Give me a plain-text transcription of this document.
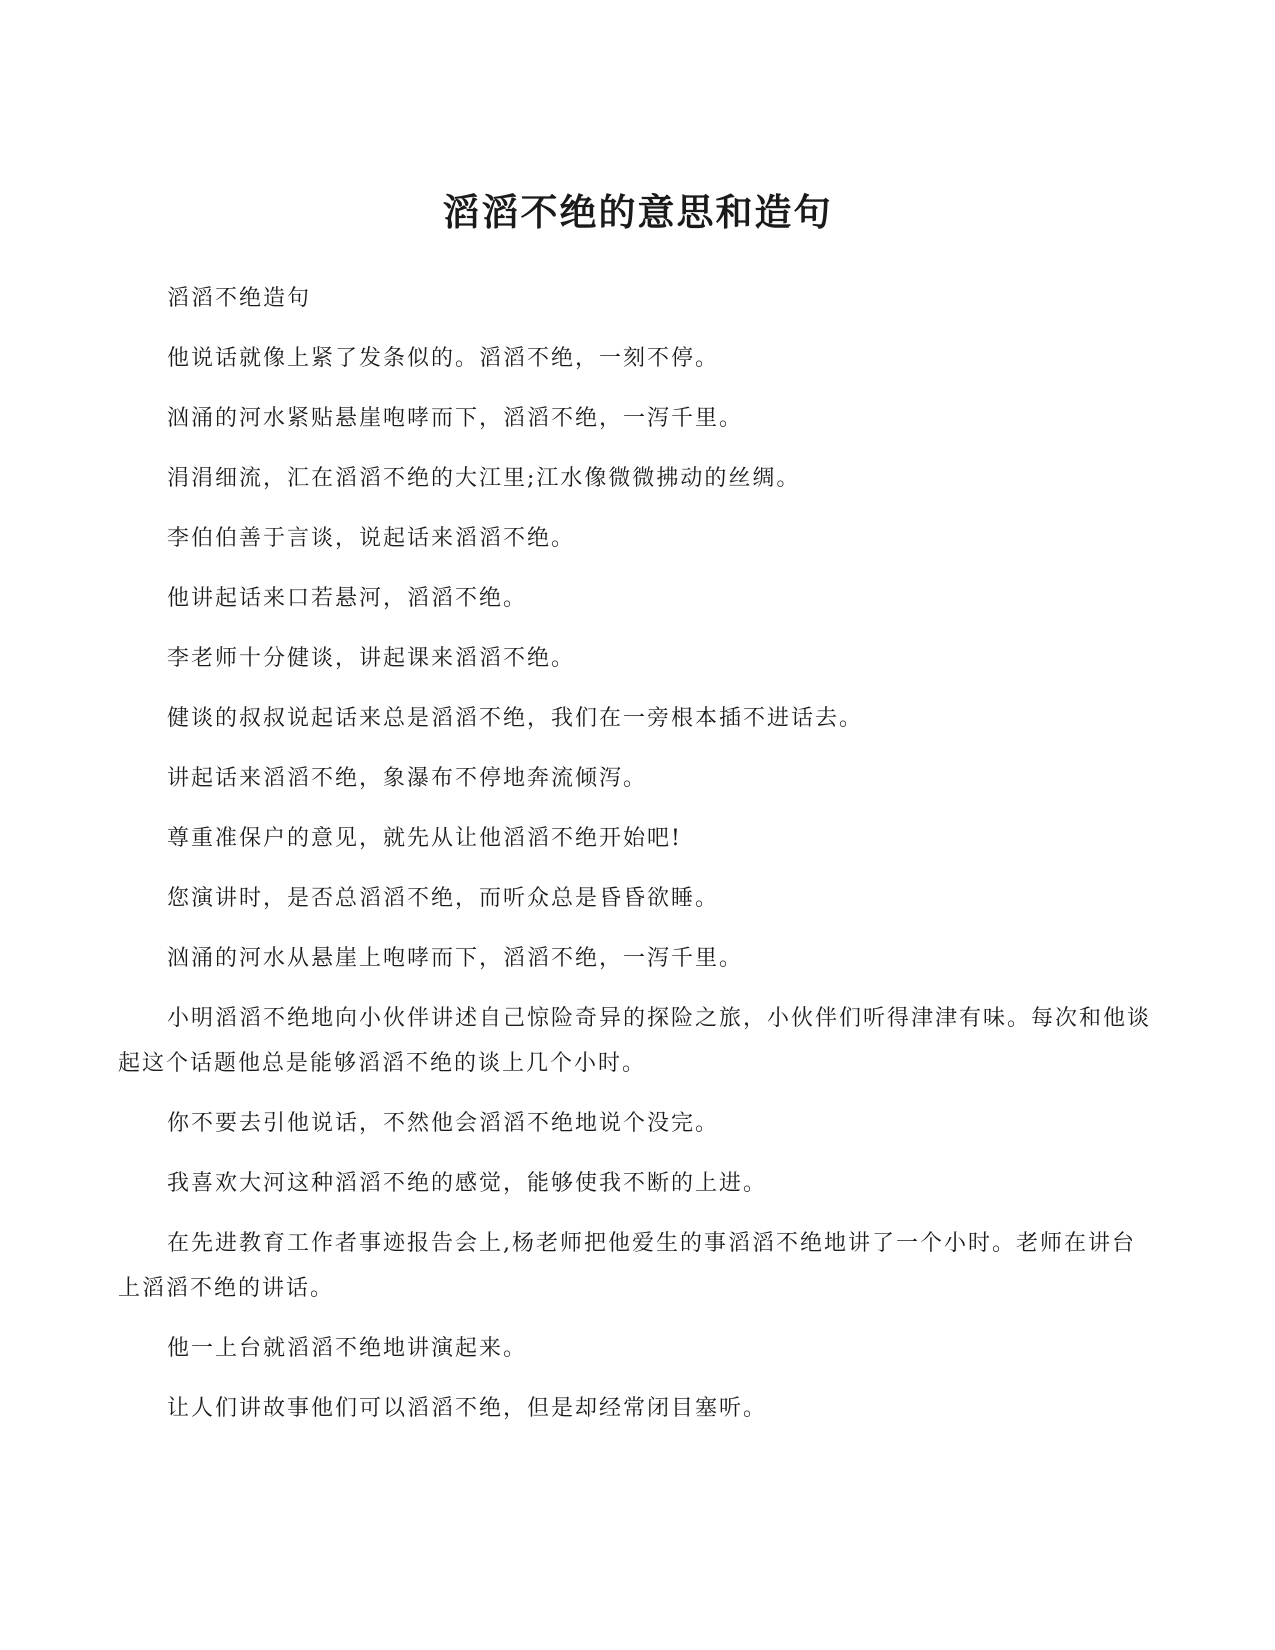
滔滔不绝的意思和造句

滔滔不绝造句

他说话就像上紧了发条似的。滔滔不绝，一刻不停。

汹涌的河水紧贴悬崖咆哮而下，滔滔不绝，一泻千里。

涓涓细流，汇在滔滔不绝的大江里;江水像微微拂动的丝绸。

李伯伯善于言谈，说起话来滔滔不绝。

他讲起话来口若悬河，滔滔不绝。

李老师十分健谈，讲起课来滔滔不绝。

健谈的叔叔说起话来总是滔滔不绝，我们在一旁根本插不进话去。

讲起话来滔滔不绝，象瀑布不停地奔流倾泻。

尊重准保户的意见，就先从让他滔滔不绝开始吧!

您演讲时，是否总滔滔不绝，而听众总是昏昏欲睡。

汹涌的河水从悬崖上咆哮而下，滔滔不绝，一泻千里。

小明滔滔不绝地向小伙伴讲述自己惊险奇异的探险之旅，小伙伴们听得津津有味。每次和他谈起这个话题他总是能够滔滔不绝的谈上几个小时。

你不要去引他说话，不然他会滔滔不绝地说个没完。

我喜欢大河这种滔滔不绝的感觉，能够使我不断的上进。

在先进教育工作者事迹报告会上,杨老师把他爱生的事滔滔不绝地讲了一个小时。老师在讲台上滔滔不绝的讲话。

他一上台就滔滔不绝地讲演起来。

让人们讲故事他们可以滔滔不绝，但是却经常闭目塞听。
